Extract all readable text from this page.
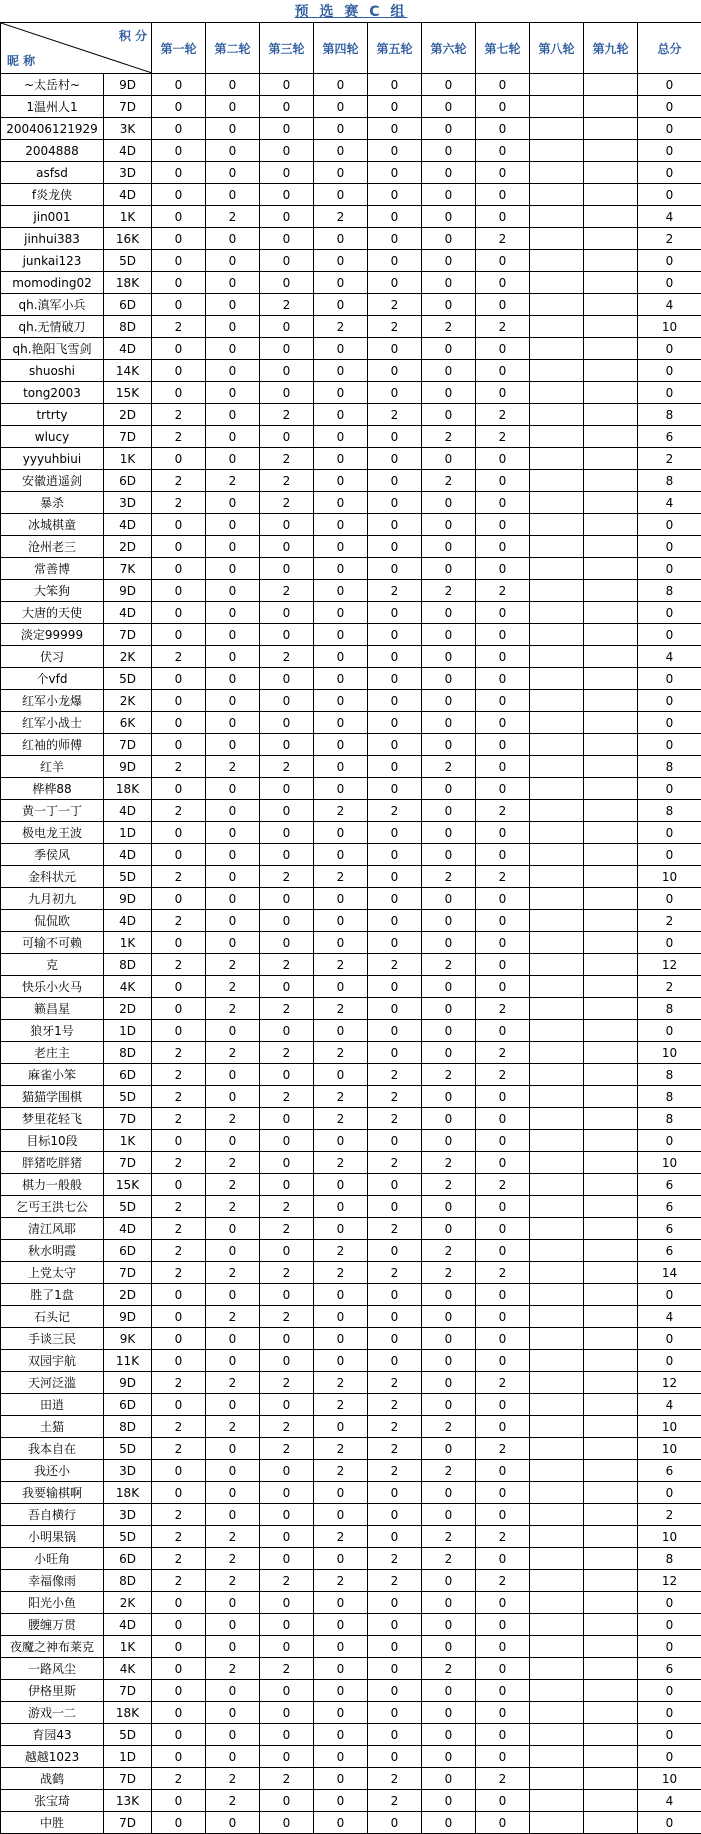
预 选 赛 C 组
积 分
昵 称		第一轮	第二轮	第三轮	第四轮	第五轮	第六轮	第七轮	第八轮	第九轮	总分
~太岳村~	9D	0	0	0	0	0	0	0			0
1温州人1	7D	0	0	0	0	0	0	0			0
200406121929	3K	0	0	0	0	0	0	0			0
2004888	4D	0	0	0	0	0	0	0			0
asfsd	3D	0	0	0	0	0	0	0			0
f炎龙侠	4D	0	0	0	0	0	0	0			0
jin001	1K	0	2	0	2	0	0	0			4
jinhui383	16K	0	0	0	0	0	0	2			2
junkai123	5D	0	0	0	0	0	0	0			0
momoding02	18K	0	0	0	0	0	0	0			0
qh.滇军小兵	6D	0	0	2	0	2	0	0			4
qh.无情破刀	8D	2	0	0	2	2	2	2			10
qh.艳阳飞雪剑	4D	0	0	0	0	0	0	0			0
shuoshi	14K	0	0	0	0	0	0	0			0
tong2003	15K	0	0	0	0	0	0	0			0
trtrty	2D	2	0	2	0	2	0	2			8
wlucy	7D	2	0	0	0	0	2	2			6
yyyuhbiui	1K	0	0	2	0	0	0	0			2
安徽逍遥剑	6D	2	2	2	0	0	2	0			8
暴杀	3D	2	0	2	0	0	0	0			4
冰城棋童	4D	0	0	0	0	0	0	0			0
沧州老三	2D	0	0	0	0	0	0	0			0
常善博	7K	0	0	0	0	0	0	0			0
大笨狗	9D	0	0	2	0	2	2	2			8
大唐的天使	4D	0	0	0	0	0	0	0			0
淡定99999	7D	0	0	0	0	0	0	0			0
伏习	2K	2	0	2	0	0	0	0			4
个vfd	5D	0	0	0	0	0	0	0			0
红军小龙爆	2K	0	0	0	0	0	0	0			0
红军小战士	6K	0	0	0	0	0	0	0			0
红袖的师傅	7D	0	0	0	0	0	0	0			0
红羊	9D	2	2	2	0	0	2	0			8
桦桦88	18K	0	0	0	0	0	0	0			0
黄一丁一丁	4D	2	0	0	2	2	0	2			8
极电龙王波	1D	0	0	0	0	0	0	0			0
季侯风	4D	0	0	0	0	0	0	0			0
金科状元	5D	2	0	2	2	0	2	2			10
九月初九	9D	0	0	0	0	0	0	0			0
侃侃欧	4D	2	0	0	0	0	0	0			2
可输不可赖	1K	0	0	0	0	0	0	0			0
克	8D	2	2	2	2	2	2	0			12
快乐小火马	4K	0	2	0	0	0	0	0			2
籁昌星	2D	0	2	2	2	0	0	2			8
狼牙1号	1D	0	0	0	0	0	0	0			0
老庄主	8D	2	2	2	2	0	0	2			10
麻雀小笨	6D	2	0	0	0	2	2	2			8
猫猫学围棋	5D	2	0	2	2	2	0	0			8
梦里花轻飞	7D	2	2	0	2	2	0	0			8
目标10段	1K	0	0	0	0	0	0	0			0
胖猪吃胖猪	7D	2	2	0	2	2	2	0			10
棋力一般般	15K	0	2	0	0	0	2	2			6
乞丐王洪七公	5D	2	2	2	0	0	0	0			6
清江风耶	4D	2	0	2	0	2	0	0			6
秋水明霞	6D	2	0	0	2	0	2	0			6
上党太守	7D	2	2	2	2	2	2	2			14
胜了1盘	2D	0	0	0	0	0	0	0			0
石头记	9D	0	2	2	0	0	0	0			4
手谈三民	9K	0	0	0	0	0	0	0			0
双园宇航	11K	0	0	0	0	0	0	0			0
天河泛滥	9D	2	2	2	2	2	0	2			12
田逍	6D	0	0	0	2	2	0	0			4
土猫	8D	2	2	2	0	2	2	0			10
我本自在	5D	2	0	2	2	2	0	2			10
我还小	3D	0	0	0	2	2	2	0			6
我要输棋啊	18K	0	0	0	0	0	0	0			0
吾自横行	3D	2	0	0	0	0	0	0			2
小明果锅	5D	2	2	0	2	0	2	2			10
小旺角	6D	2	2	0	0	2	2	0			8
幸福像雨	8D	2	2	2	2	2	0	2			12
阳光小鱼	2K	0	0	0	0	0	0	0			0
腰缠万贯	4D	0	0	0	0	0	0	0			0
夜魔之神布莱克	1K	0	0	0	0	0	0	0			0
一路风尘	4K	0	2	2	0	0	2	0			6
伊格里斯	7D	0	0	0	0	0	0	0			0
游戏一二	18K	0	0	0	0	0	0	0			0
育园43	5D	0	0	0	0	0	0	0			0
越越1023	1D	0	0	0	0	0	0	0			0
战鹤	7D	2	2	2	0	2	0	2			10
张宝琦	13K	0	2	0	0	2	0	0			4
中胜	7D	0	0	0	0	0	0	0			0
